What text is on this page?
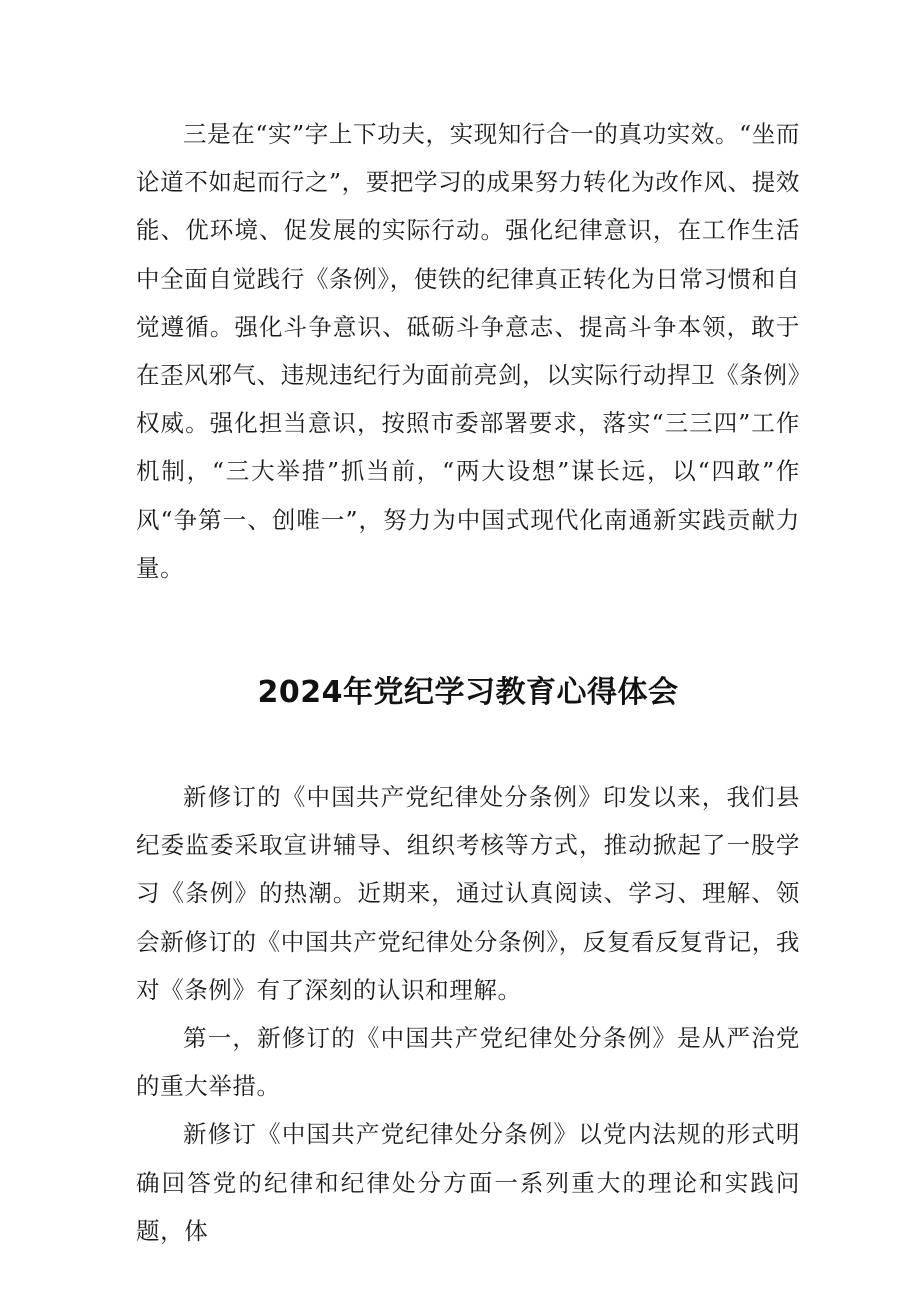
三是在“实”字上下功夫，实现知行合一的真功实效。“坐而论道不如起而行之”，要把学习的成果努力转化为改作风、提效能、优环境、促发展的实际行动。强化纪律意识，在工作生活中全面自觉践行《条例》，使铁的纪律真正转化为日常习惯和自觉遵循。强化斗争意识、砥砺斗争意志、提高斗争本领，敢于在歪风邪气、违规违纪行为面前亮剑，以实际行动捍卫《条例》权威。强化担当意识，按照市委部署要求，落实“三三四”工作机制，“三大举措”抓当前，“两大设想”谋长远，以“四敢”作风“争第一、创唯一”，努力为中国式现代化南通新实践贡献力量。

2024年党纪学习教育心得体会

新修订的《中国共产党纪律处分条例》印发以来，我们县纪委监委采取宣讲辅导、组织考核等方式，推动掀起了一股学习《条例》的热潮。近期来，通过认真阅读、学习、理解、领会新修订的《中国共产党纪律处分条例》，反复看反复背记，我对《条例》有了深刻的认识和理解。

第一，新修订的《中国共产党纪律处分条例》是从严治党的重大举措。

新修订《中国共产党纪律处分条例》以党内法规的形式明确回答党的纪律和纪律处分方面一系列重大的理论和实践问题，体
